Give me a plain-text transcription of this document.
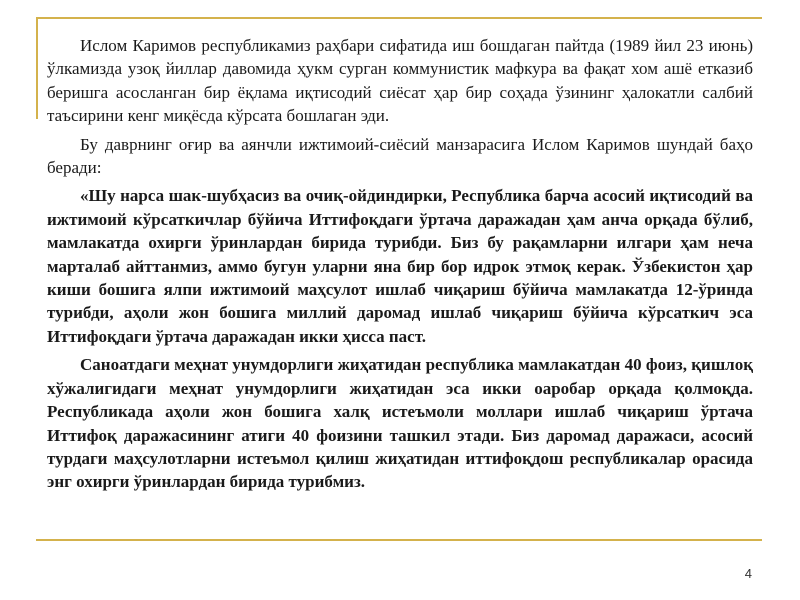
Ислом Каримов республикамиз раҳбари сифатида иш бошдаган пайтда (1989 йил 23 июнь) ўлкамизда узоқ йиллар давомида ҳукм сурган коммунистик мафкура ва фақат хом ашё етказиб беришга асосланган бир ёқлама иқтисодий сиёсат ҳар бир соҳада ўзининг ҳалокатли салбий таъсирини кенг миқёсда кўрсата бошлаган эди.

Бу даврнинг оғир ва аянчли ижтимоий-сиёсий манзарасига Ислом Каримов шундай баҳо беради:

«Шу нарса шак-шубҳасиз ва очиқ-ойдиндирки, Республика барча асосий иқтисодий ва ижтимоий кўрсаткичлар бўйича Иттифоқдаги ўртача даражадан ҳам анча орқада бўлиб, мамлакатда охирги ўринлардан бирида турибди. Биз бу рақамларни илгари ҳам неча марталаб айттанмиз, аммо бугун уларни яна бир бор идрок этмоқ керак. Ўзбекистон ҳар киши бошига ялпи ижтимоий маҳсулот ишлаб чиқариш бўйича мамлакатда 12-ўринда турибди, аҳоли жон бошига миллий даромад ишлаб чиқариш бўйича кўрсаткич эса Иттифоқдаги ўртача даражадан икки ҳисса паст.

Саноатдаги меҳнат унумдорлиги жиҳатидан республика мамлакатдан 40 фоиз, қишлоқ хўжалигидаги меҳнат унумдорлиги жиҳатидан эса икки оаробар орқада қолмоқда. Республикада аҳоли жон бошига халқ истеъмоли моллари ишлаб чиқариш ўртача Иттифоқ даражасининг атиги 40 фоизини ташкил этади. Биз даромад даражаси, асосий турдаги маҳсулотларни истеъмол қилиш жиҳатидан иттифоқдош республикалар орасида энг охирги ўринлардан бирида турибмиз.

4
